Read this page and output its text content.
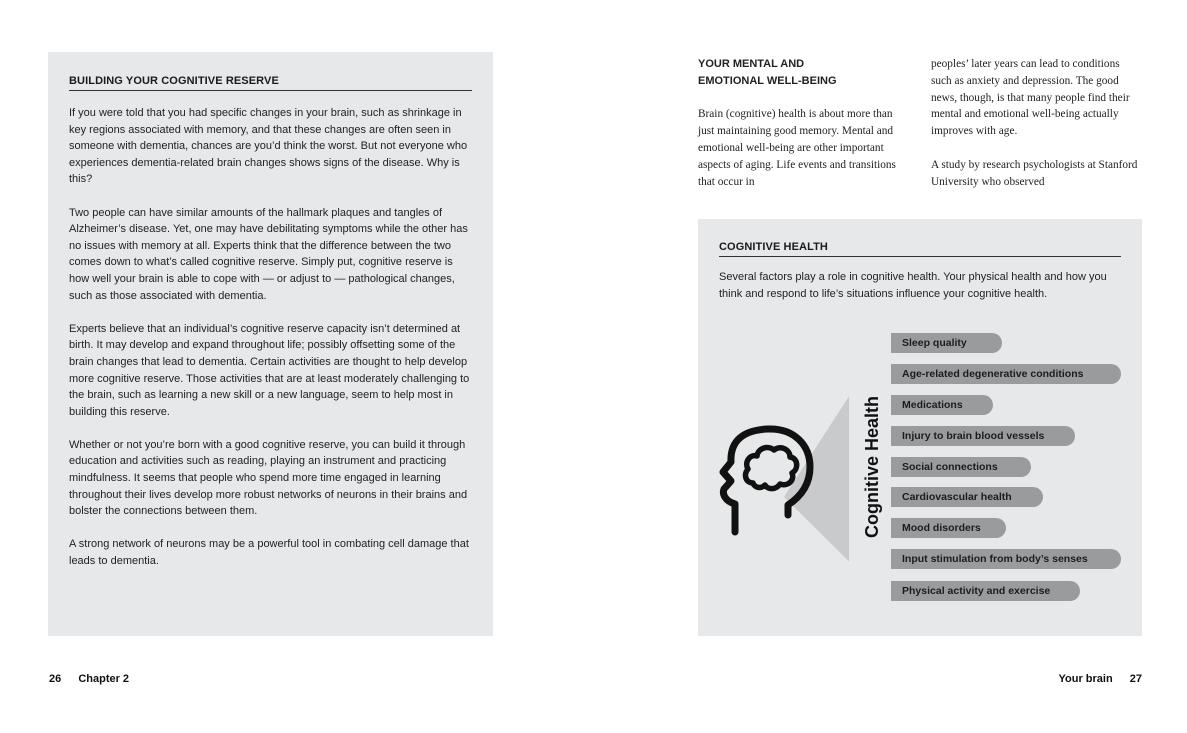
BUILDING YOUR COGNITIVE RESERVE

If you were told that you had specific changes in your brain, such as shrinkage in key regions associated with memory, and that these changes are often seen in someone with dementia, chances are you’d think the worst. But not everyone who experiences dementia-related brain changes shows signs of the disease. Why is this?

Two people can have similar amounts of the hallmark plaques and tangles of Alzheimer’s disease. Yet, one may have debilitating symptoms while the other has no issues with memory at all. Experts think that the difference between the two comes down to what’s called cognitive reserve. Simply put, cognitive reserve is how well your brain is able to cope with — or adjust to — pathological changes, such as those associated with dementia.

Experts believe that an individual’s cognitive reserve capacity isn’t determined at birth. It may develop and expand throughout life; possibly offsetting some of the brain changes that lead to dementia. Certain activities are thought to help develop more cognitive reserve. Those activities that are at least moderately challenging to the brain, such as learning a new skill or a new language, seem to help most in building this reserve.

Whether or not you’re born with a good cognitive reserve, you can build it through education and activities such as reading, playing an instrument and practicing mindfulness. It seems that people who spend more time engaged in learning throughout their lives develop more robust networks of neurons in their brains and bolster the connections between them.

A strong network of neurons may be a powerful tool in combating cell damage that leads to dementia.

YOUR MENTAL AND EMOTIONAL WELL-BEING

Brain (cognitive) health is about more than just maintaining good memory. Mental and emotional well-being are other important aspects of aging. Life events and transitions that occur in

peoples’ later years can lead to conditions such as anxiety and depression. The good news, though, is that many people find their mental and emotional well-being actually improves with age.

A study by research psychologists at Stanford University who observed

Cognitive Health
COGNITIVE HEALTH

Several factors play a role in cognitive health. Your physical health and how you think and respond to life’s situations influence your cognitive health.

Sleep quality
Age-related degenerative conditions
Medications
Injury to brain blood vessels
Social connections
Cardiovascular health
Mood disorders
Input stimulation from body’s senses
Physical activity and exercise
26 Chapter 2	Your brain 27
